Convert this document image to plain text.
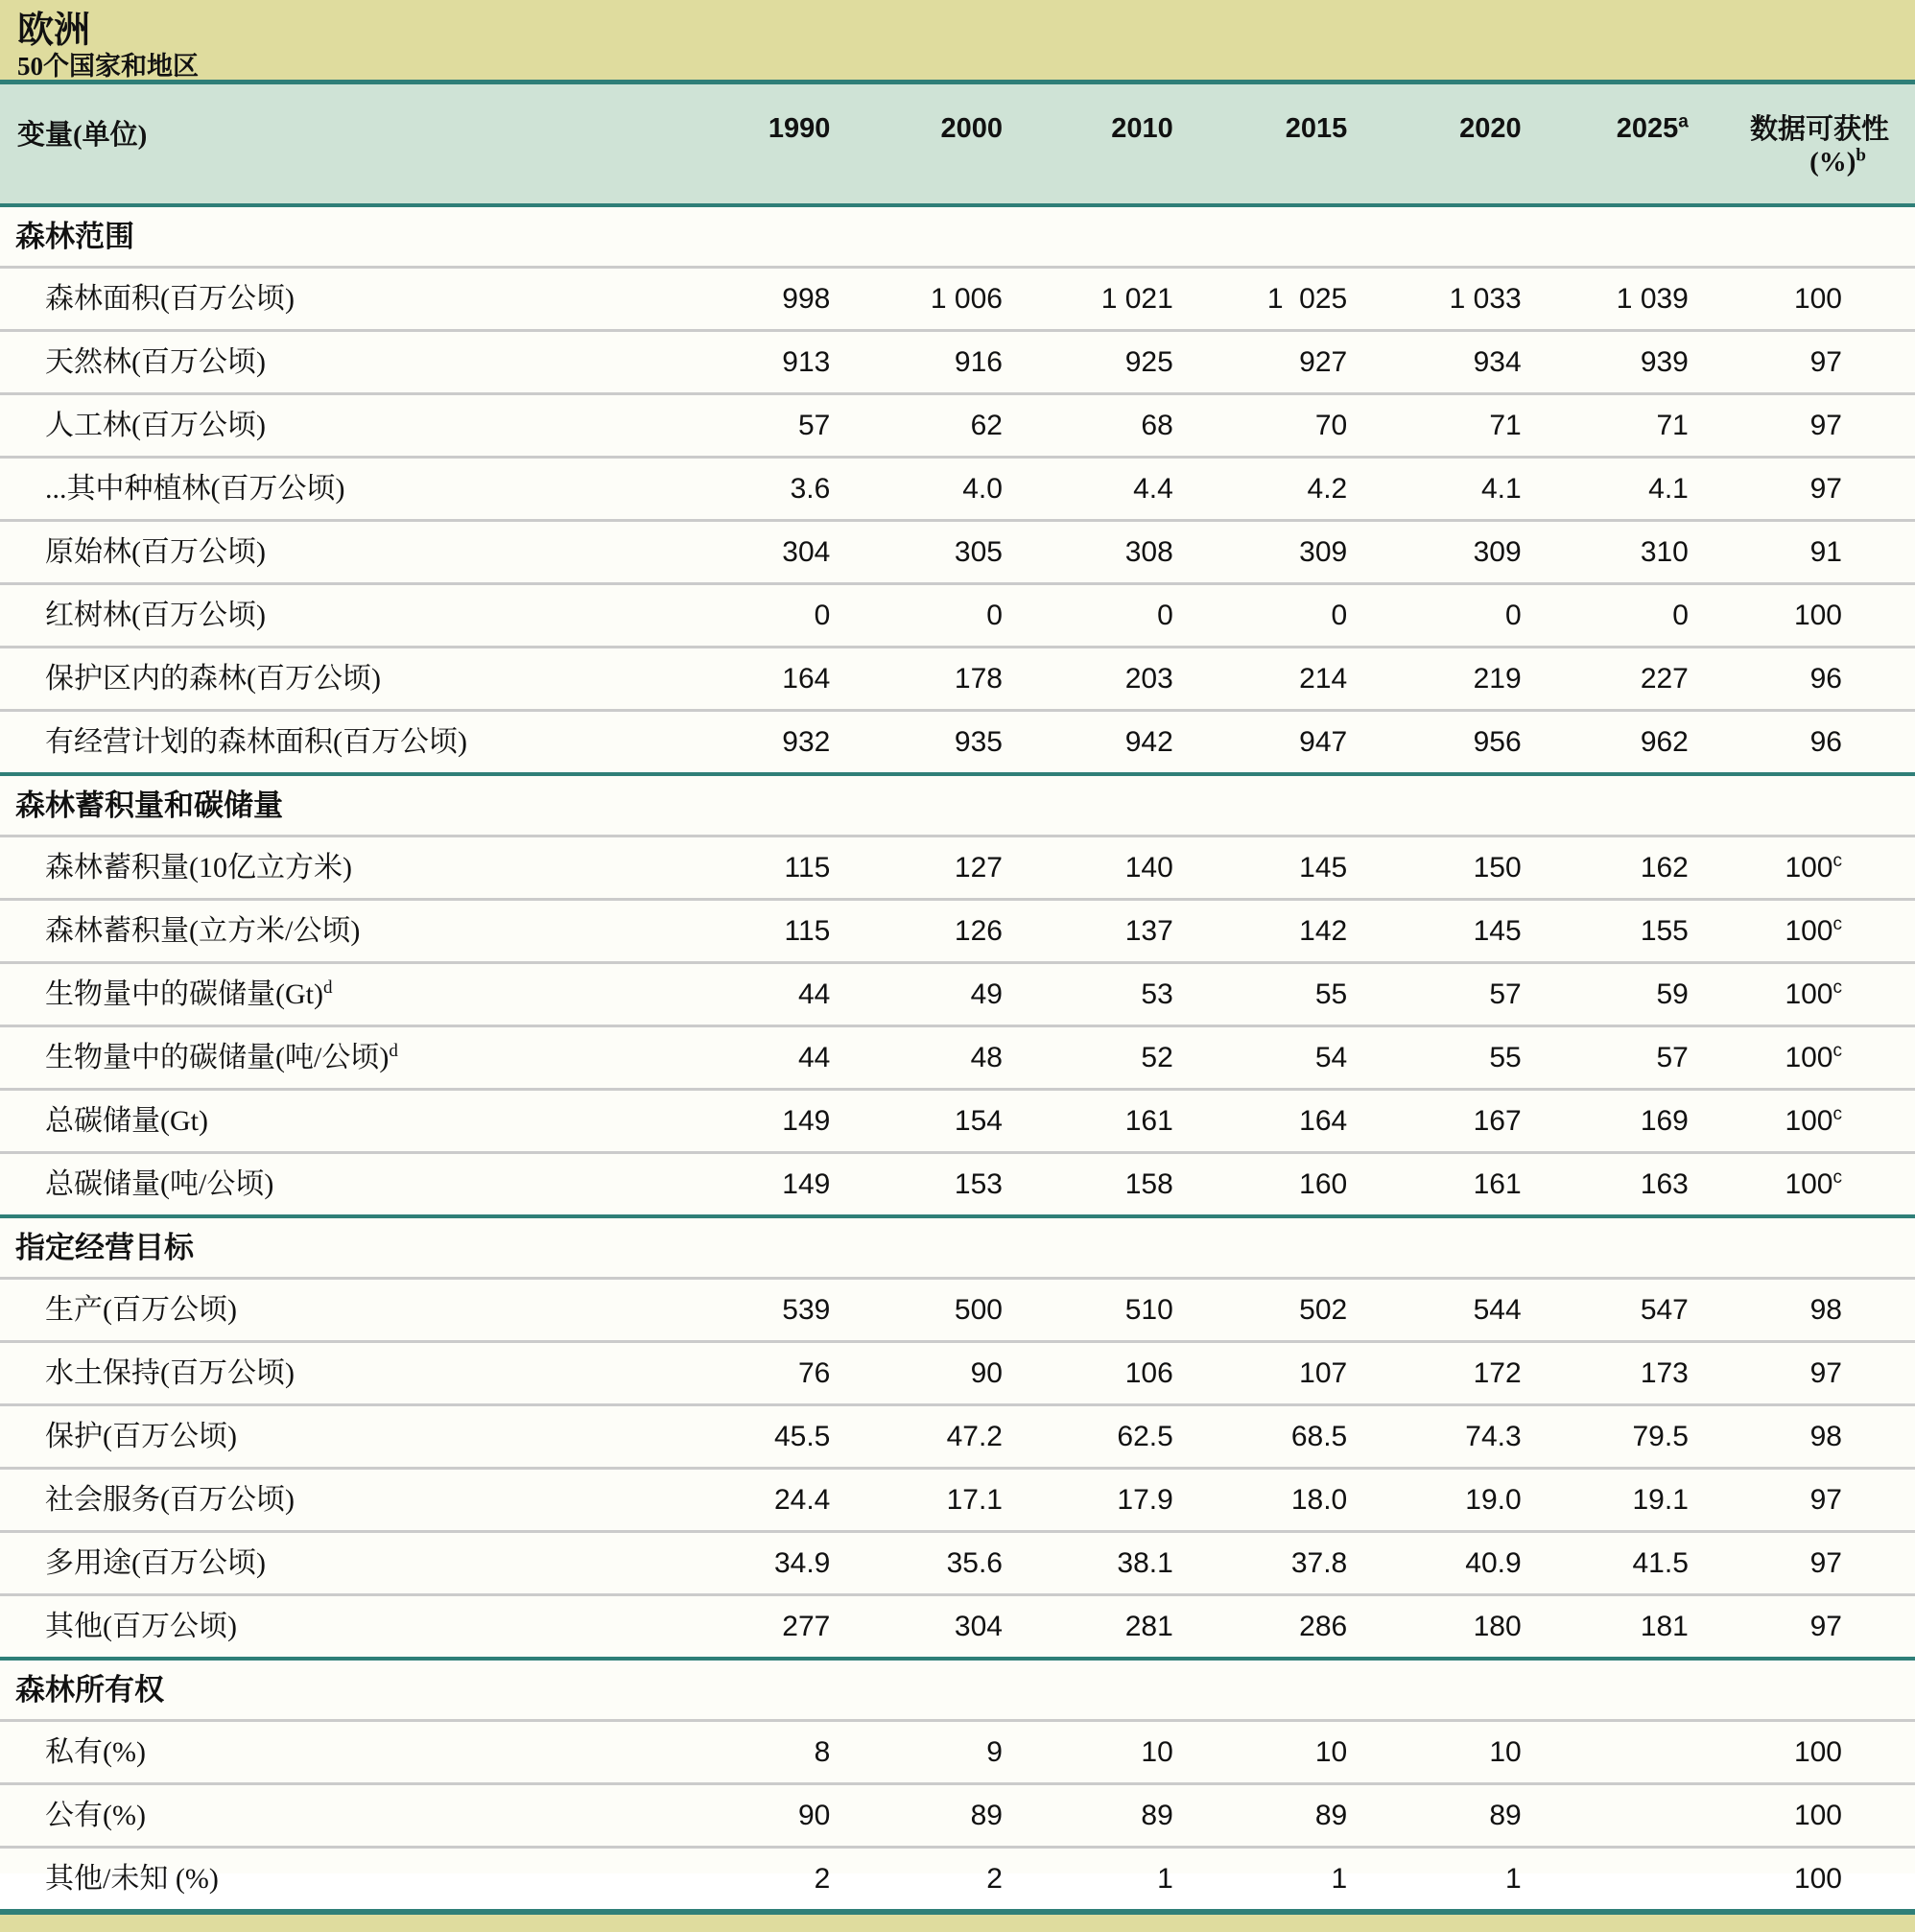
欧洲
50个国家和地区
变量(单位)	1990	2000	2010	2015	2020	2025$^a$	数据可获性
(%)$^b$

森林范围							
森林面积(百万公顷)	998	1 006	1 021	1  025	1 033	1 039	100
天然林(百万公顷)	913	916	925	927	934	939	97
人工林(百万公顷)	57	62	68	70	71	71	97
...其中种植林(百万公顷)	3.6	4.0	4.4	4.2	4.1	4.1	97
原始林(百万公顷)	304	305	308	309	309	310	91
红树林(百万公顷)	0	0	0	0	0	0	100
保护区内的森林(百万公顷)	164	178	203	214	219	227	96
有经营计划的森林面积(百万公顷)	932	935	942	947	956	962	96
森林蓄积量和碳储量							
森林蓄积量(10亿立方米)	115	127	140	145	150	162	100$^c$
森林蓄积量(立方米/公顷)	115	126	137	142	145	155	100$^c$
生物量中的碳储量$(Gt)^d$	44	49	53	55	57	59	100$^c$
生物量中的碳储量(吨/公顷)$^d$	44	48	52	54	55	57	100$^c$
总碳储量(Gt)	149	154	161	164	167	169	100$^c$
总碳储量(吨/公顷)	149	153	158	160	161	163	100$^c$
指定经营目标							
生产(百万公顷)	539	500	510	502	544	547	98
水土保持(百万公顷)	76	90	106	107	172	173	97
保护(百万公顷)	45.5	47.2	62.5	68.5	74.3	79.5	98
社会服务(百万公顷)	24.4	17.1	17.9	18.0	19.0	19.1	97
多用途(百万公顷)	34.9	35.6	38.1	37.8	40.9	41.5	97
其他(百万公顷)	277	304	281	286	180	181	97
森林所有权							
私有(%)	8	9	10	10	10		100
公有(%)	90	89	89	89	89		100
其他/未知 (%)	2	2	1	1	1		100
